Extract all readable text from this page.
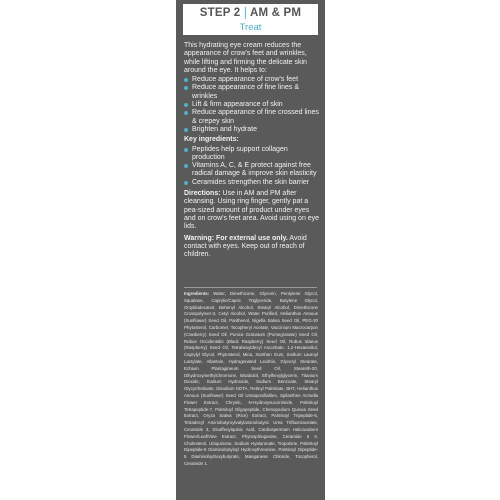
STEP 2 | AM & PM
Treat

This hydrating eye cream reduces the appearance of crow's feet and wrinkles, while lifting and firming the delicate skin around the eye. It helps to:

Reduce appearance of crow's feet
Reduce appearance of fine lines & wrinkles
Lift & firm appearance of skin
Reduce appearance of fine crossed lines & crepey skin
Brighten and hydrate
Key ingredients:
Peptides help support collagen production
Vitamins A, C, & E protect against free radical damage & improve skin elasticity
Ceramides strengthen the skin barrier

Directions: Use in AM and PM after cleansing. Using ring finger, gently pat a pea-sized amount of product under eyes and on crow's feet area. Avoid using on eye lids.

Warning: For external use only. Avoid contact with eyes. Keep out of reach of children.

Ingredients: Water, Dimethicone, Glycerin, Pentylene Glycol, Squalane, Caprylic/Capric Triglyceride, Butylene Glycol, Octyldodecanol, Behenyl Alcohol, Stearyl Alcohol, Dimethicone Crosspolymer-3, Cetyl Alcohol, Water Purified, Helianthus Annuus (Sunflower) Seed Oil, Panthenol, Nigella Sativa Seed Oil, PEG-20 Phytosterol, Carbomer, Tocopheryl Acetate, Vaccinium Macrocarpon (Cranberry) Seed Oil, Punica Granatum (Pomegranate) Seed Oil, Rubus Occidentalis (Black Raspberry) Seed Oil, Rubus Idaeus (Raspberry) Seed Oil, Tetrahexyldecyl Ascorbate, 1,2-Hexanediol, Caprylyl Glycol, Phytosterol, Mica, Xanthan Gum, Sodium Lauroyl Lactylate, Allantoin, Hydrogenated Lecithin, Glyceryl Stearate, Echium Plantagineum Seed Oil, Steareth-20, Dihydroxymethylchromone, Bisabolol, Ethylhexylglycerin, Titanium Dioxide, Sodium Hydroxide, Sodium Benzoate, Stearyl Glycyrrhetinate, Disodium EDTA, Retinyl Palmitate, BHT, Helianthus Annuus (Sunflower) Seed Oil Unsaponifiables, Spilanthes Acmella Flower Extract, Chrysin, N-Hydroxysuccinimide, Palmitoyl Tetrapeptide-7, Palmitoyl Oligopeptide, Chenopodium Quinoa Seed Extract, Oryza Sativa (Rice) Extract, Palmitoyl Tripeptide-5, Tetradecyl Aminobutyroylvalylaminobutyric Urea Trifluoroacetate, Ceramide 3, Dicaffeoylquinic Acid, Cardiospermum Halicacabum Flower/Leaf/Vine Extract, Phytosphingosine, Ceramide 6 II, Cholesterol, Ubiquinone, Sodium Hyaluronate, Tropolone, Palmitoyl Dipeptide-5 Diaminobutyloyl Hydroxythreonine, Palmitoyl Dipeptide-5 Diaminohydroxybutyrate, Manganese Chloride, Tocopherol, Ceramide 1.
